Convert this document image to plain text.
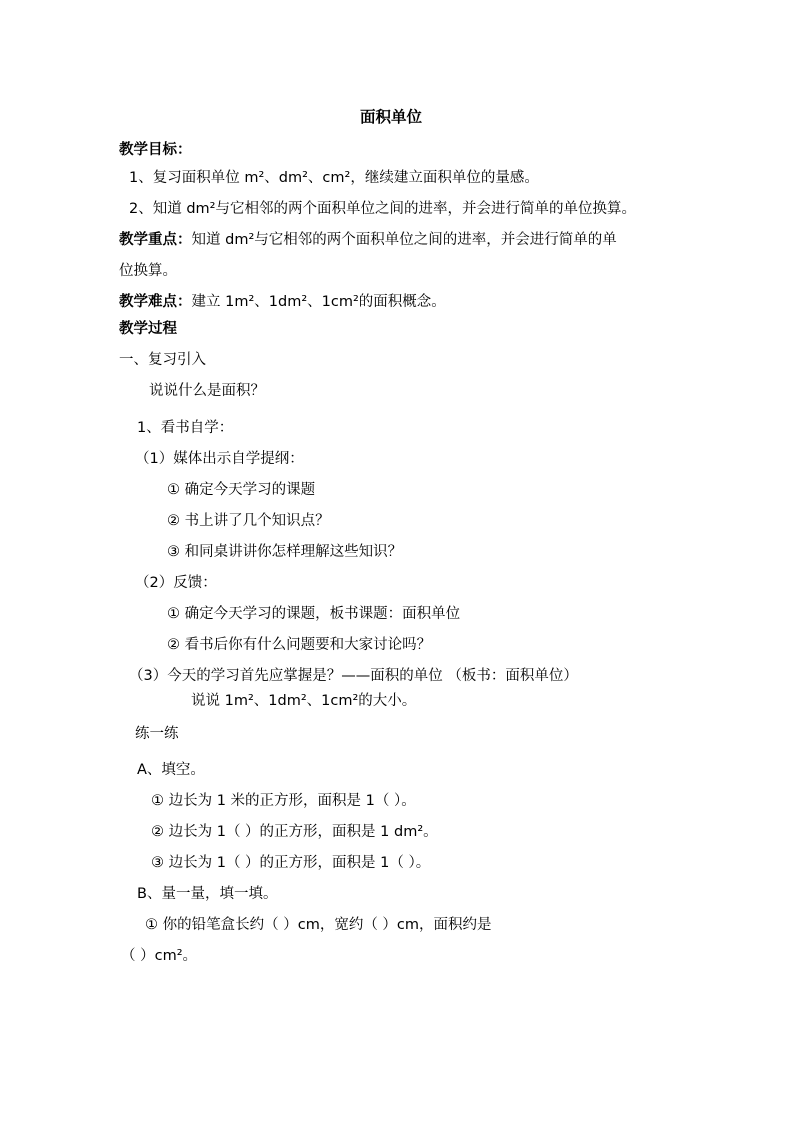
面积单位
教学目标：
1、复习面积单位 m²、dm²、cm²，继续建立面积单位的量感。
2、知道 dm²与它相邻的两个面积单位之间的进率，并会进行简单的单位换算。
教学重点：知道 dm²与它相邻的两个面积单位之间的进率，并会进行简单的单
位换算。
教学难点：建立 1m²、1dm²、1cm²的面积概念。
教学过程
一、复习引入
说说什么是面积？
1、看书自学：
（1）媒体出示自学提纲：
① 确定今天学习的课题
② 书上讲了几个知识点？
③ 和同桌讲讲你怎样理解这些知识？
（2）反馈：
① 确定今天学习的课题，板书课题：面积单位
② 看书后你有什么问题要和大家讨论吗？
（3）今天的学习首先应掌握是？——面积的单位 （板书：面积单位）
说说 1m²、1dm²、1cm²的大小。
练一练
A、填空。
① 边长为 1 米的正方形，面积是 1（ ）。
② 边长为 1（ ）的正方形，面积是 1 dm²。
③ 边长为 1（ ）的正方形，面积是 1（ ）。
B、量一量，填一填。
① 你的铅笔盒长约（ ）cm，宽约（ ）cm，面积约是
（ ）cm²。
